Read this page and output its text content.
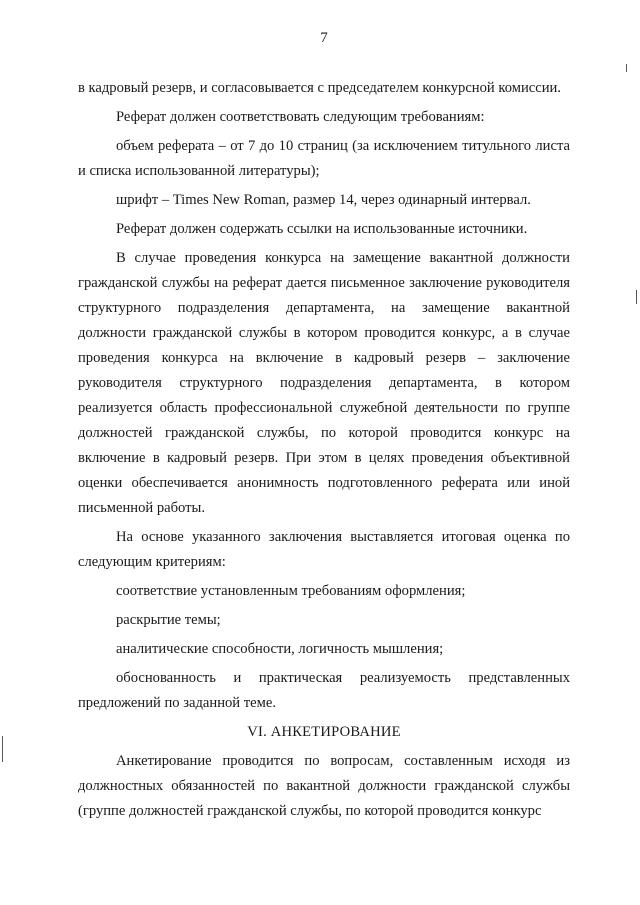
7

в кадровый резерв, и согласовывается с председателем конкурсной комиссии.

Реферат должен соответствовать следующим требованиям:

объем реферата – от 7 до 10 страниц (за исключением титульного листа и списка использованной литературы);

шрифт – Times New Roman, размер 14, через одинарный интервал.

Реферат должен содержать ссылки на использованные источники.

В случае проведения конкурса на замещение вакантной должности гражданской службы на реферат дается письменное заключение руководителя структурного подразделения департамента, на замещение вакантной должности гражданской службы в котором проводится конкурс, а в случае проведения конкурса на включение в кадровый резерв – заключение руководителя структурного подразделения департамента, в котором реализуется область профессиональной служебной деятельности по группе должностей гражданской службы, по которой проводится конкурс на включение в кадровый резерв. При этом в целях проведения объективной оценки обеспечивается анонимность подготовленного реферата или иной письменной работы.

На основе указанного заключения выставляется итоговая оценка по следующим критериям:

соответствие установленным требованиям оформления;

раскрытие темы;

аналитические способности, логичность мышления;

обоснованность и практическая реализуемость представленных предложений по заданной теме.

VI. АНКЕТИРОВАНИЕ

Анкетирование проводится по вопросам, составленным исходя из должностных обязанностей по вакантной должности гражданской службы (группе должностей гражданской службы, по которой проводится конкурс
